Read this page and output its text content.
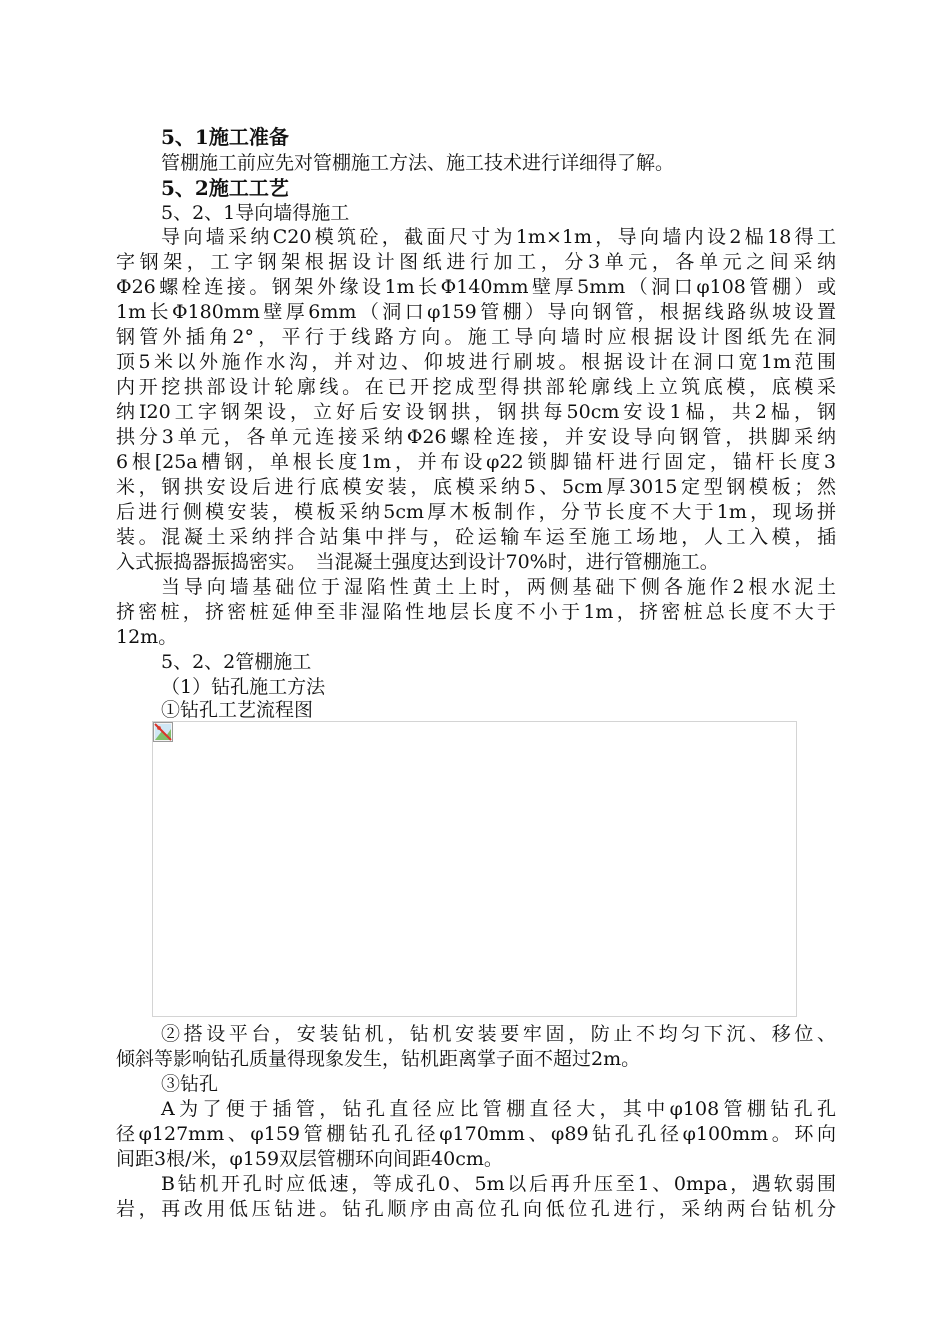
5、1施工准备
管棚施工前应先对管棚施工方法、施工技术进行详细得了解。
5、2施工工艺
5、2、1导向墙得施工
导向墙采纳C20模筑砼，截面尺寸为1m×1m，导向墙内设2榀18得工
字钢架，工字钢架根据设计图纸进行加工，分3单元，各单元之间采纳
Φ26螺栓连接。钢架外缘设1m长Φ140mm壁厚5mm（洞口φ108管棚）或
1m长Φ180mm壁厚6mm（洞口φ159管棚）导向钢管，根据线路纵坡设置
钢管外插角2°，平行于线路方向。施工导向墙时应根据设计图纸先在洞
顶5米以外施作水沟，并对边、仰坡进行刷坡。根据设计在洞口宽1m范围
内开挖拱部设计轮廓线。在已开挖成型得拱部轮廓线上立筑底模，底模采
纳I20工字钢架设，立好后安设钢拱，钢拱每50cm安设1榀，共2榀，钢
拱分3单元，各单元连接采纳Φ26螺栓连接，并安设导向钢管，拱脚采纳
6根[25a槽钢，单根长度1m，并布设φ22锁脚锚杆进行固定，锚杆长度3
米，钢拱安设后进行底模安装，底模采纳5、5cm厚3015定型钢模板；然
后进行侧模安装，模板采纳5cm厚木板制作，分节长度不大于1m，现场拼
装。混凝土采纳拌合站集中拌与，砼运输车运至施工场地，人工入模，插
入式振捣器振捣密实。　当混凝土强度达到设计70%时，进行管棚施工。
当导向墙基础位于湿陷性黄土上时，两侧基础下侧各施作2根水泥土
挤密桩，挤密桩延伸至非湿陷性地层长度不小于1m，挤密桩总长度不大于
12m。
5、2、2管棚施工
（1）钻孔施工方法
①钻孔工艺流程图
②搭设平台，安装钻机，钻机安装要牢固，防止不均匀下沉、移位、
倾斜等影响钻孔质量得现象发生，钻机距离掌子面不超过2m。
③钻孔
A为了便于插管，钻孔直径应比管棚直径大，其中φ108管棚钻孔孔
径φ127mm、φ159管棚钻孔孔径φ170mm、φ89钻孔孔径φ100mm。环向
间距3根/米，φ159双层管棚环向间距40cm。
B钻机开孔时应低速，等成孔0、5m以后再升压至1、0mpa，遇软弱围
岩，再改用低压钻进。钻孔顺序由高位孔向低位孔进行，采纳两台钻机分
